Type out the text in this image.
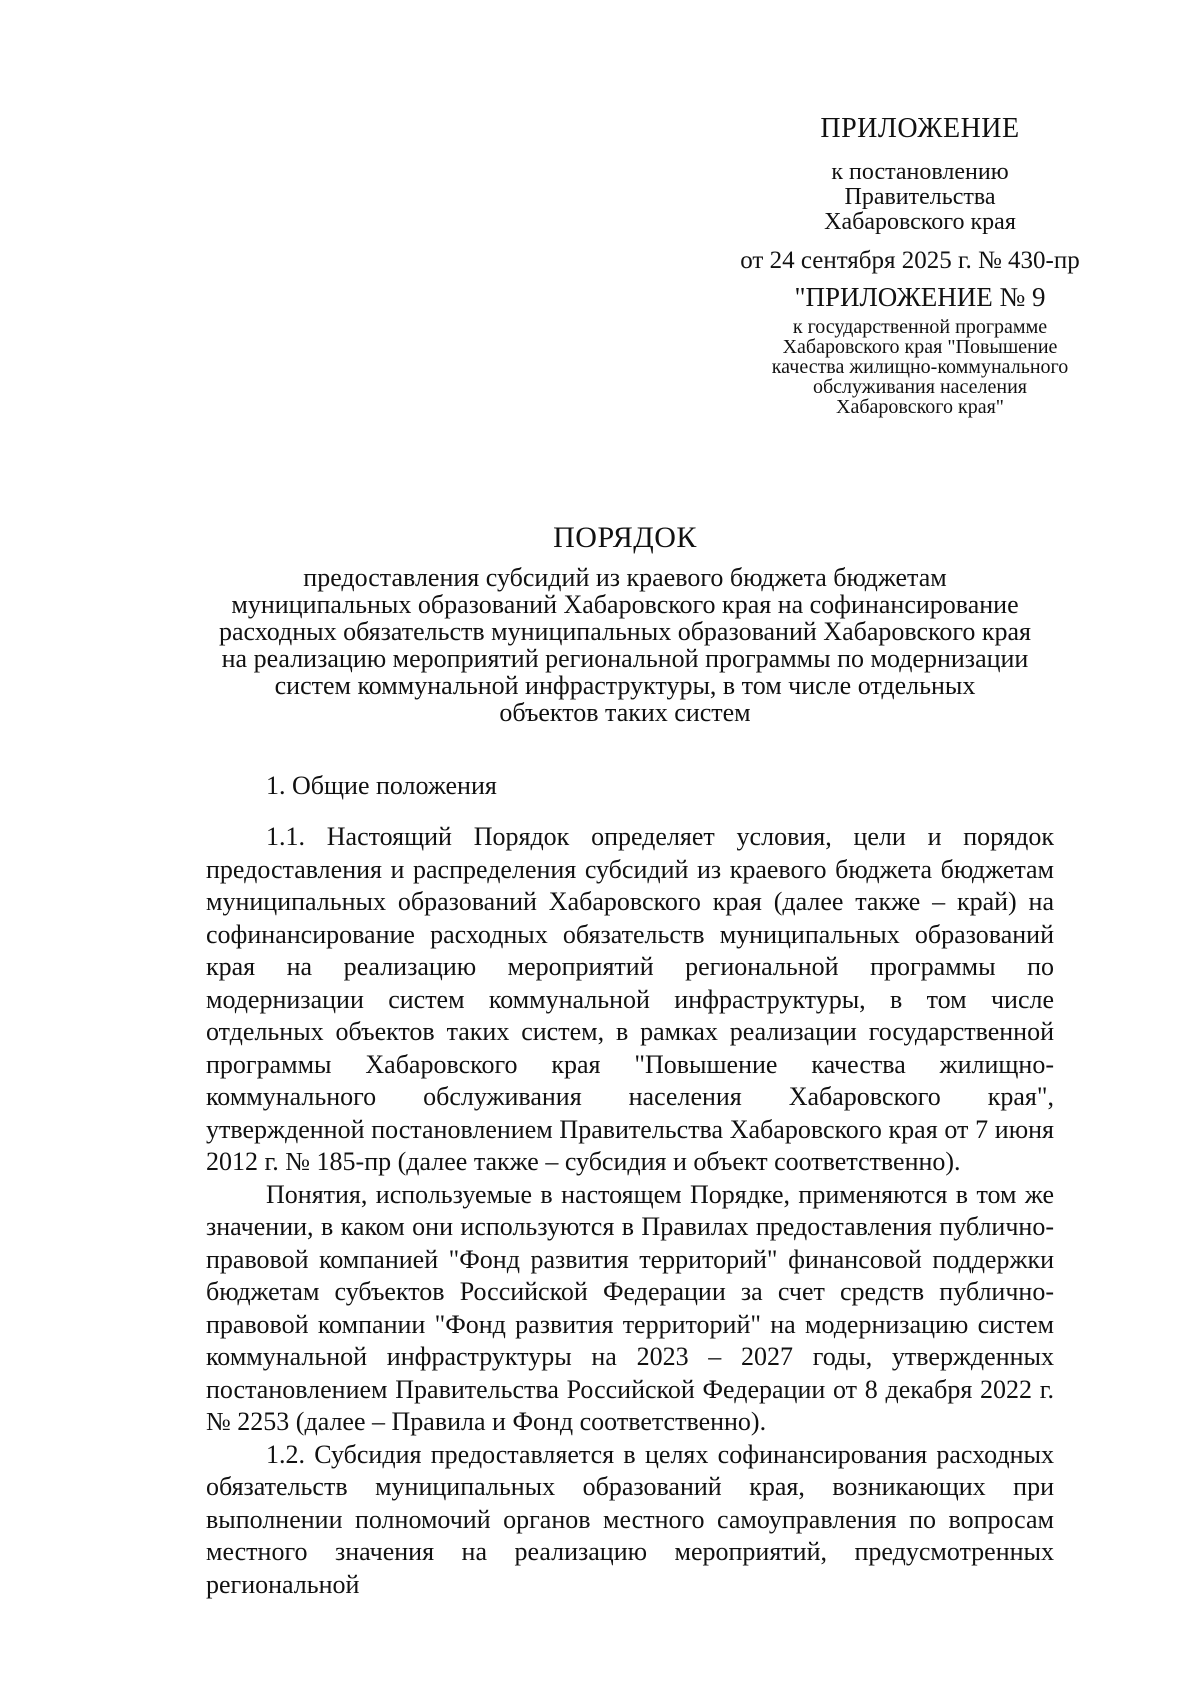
ПРИЛОЖЕНИЕ

к постановлению

Правительства

Хабаровского края

от 24 сентября 2025 г. № 430-пр

"ПРИЛОЖЕНИЕ № 9

к государственной программе

Хабаровского края "Повышение

качества жилищно-коммунального

обслуживания населения

Хабаровского края"

ПОРЯДОК

предоставления субсидий из краевого бюджета бюджетам

муниципальных образований Хабаровского края на софинансирование

расходных обязательств муниципальных образований Хабаровского края

на реализацию мероприятий региональной программы по модернизации

систем коммунальной инфраструктуры, в том числе отдельных

объектов таких систем

1. Общие положения

1.1. Настоящий Порядок определяет условия, цели и порядок предоставления и распределения субсидий из краевого бюджета бюджетам муниципальных образований Хабаровского края (далее также – край) на софинансирование расходных обязательств муниципальных образований края на реализацию мероприятий региональной программы по модернизации систем коммунальной инфраструктуры, в том числе отдельных объектов таких систем, в рамках реализации государственной программы Хабаровского края "Повышение качества жилищно-коммунального обслуживания населения Хабаровского края", утвержденной постановлением Правительства Хабаровского края от 7 июня 2012 г. № 185-пр (далее также – субсидия и объект соответственно).

Понятия, используемые в настоящем Порядке, применяются в том же значении, в каком они используются в Правилах предоставления публично-правовой компанией "Фонд развития территорий" финансовой поддержки бюджетам субъектов Российской Федерации за счет средств публично-правовой компании "Фонд развития территорий" на модернизацию систем коммунальной инфраструктуры на 2023 – 2027 годы, утвержденных постановлением Правительства Российской Федерации от 8 декабря 2022 г. № 2253 (далее – Правила и Фонд соответственно).

1.2. Субсидия предоставляется в целях софинансирования расходных обязательств муниципальных образований края, возникающих при выполнении полномочий органов местного самоуправления по вопросам местного значения на реализацию мероприятий, предусмотренных региональной
